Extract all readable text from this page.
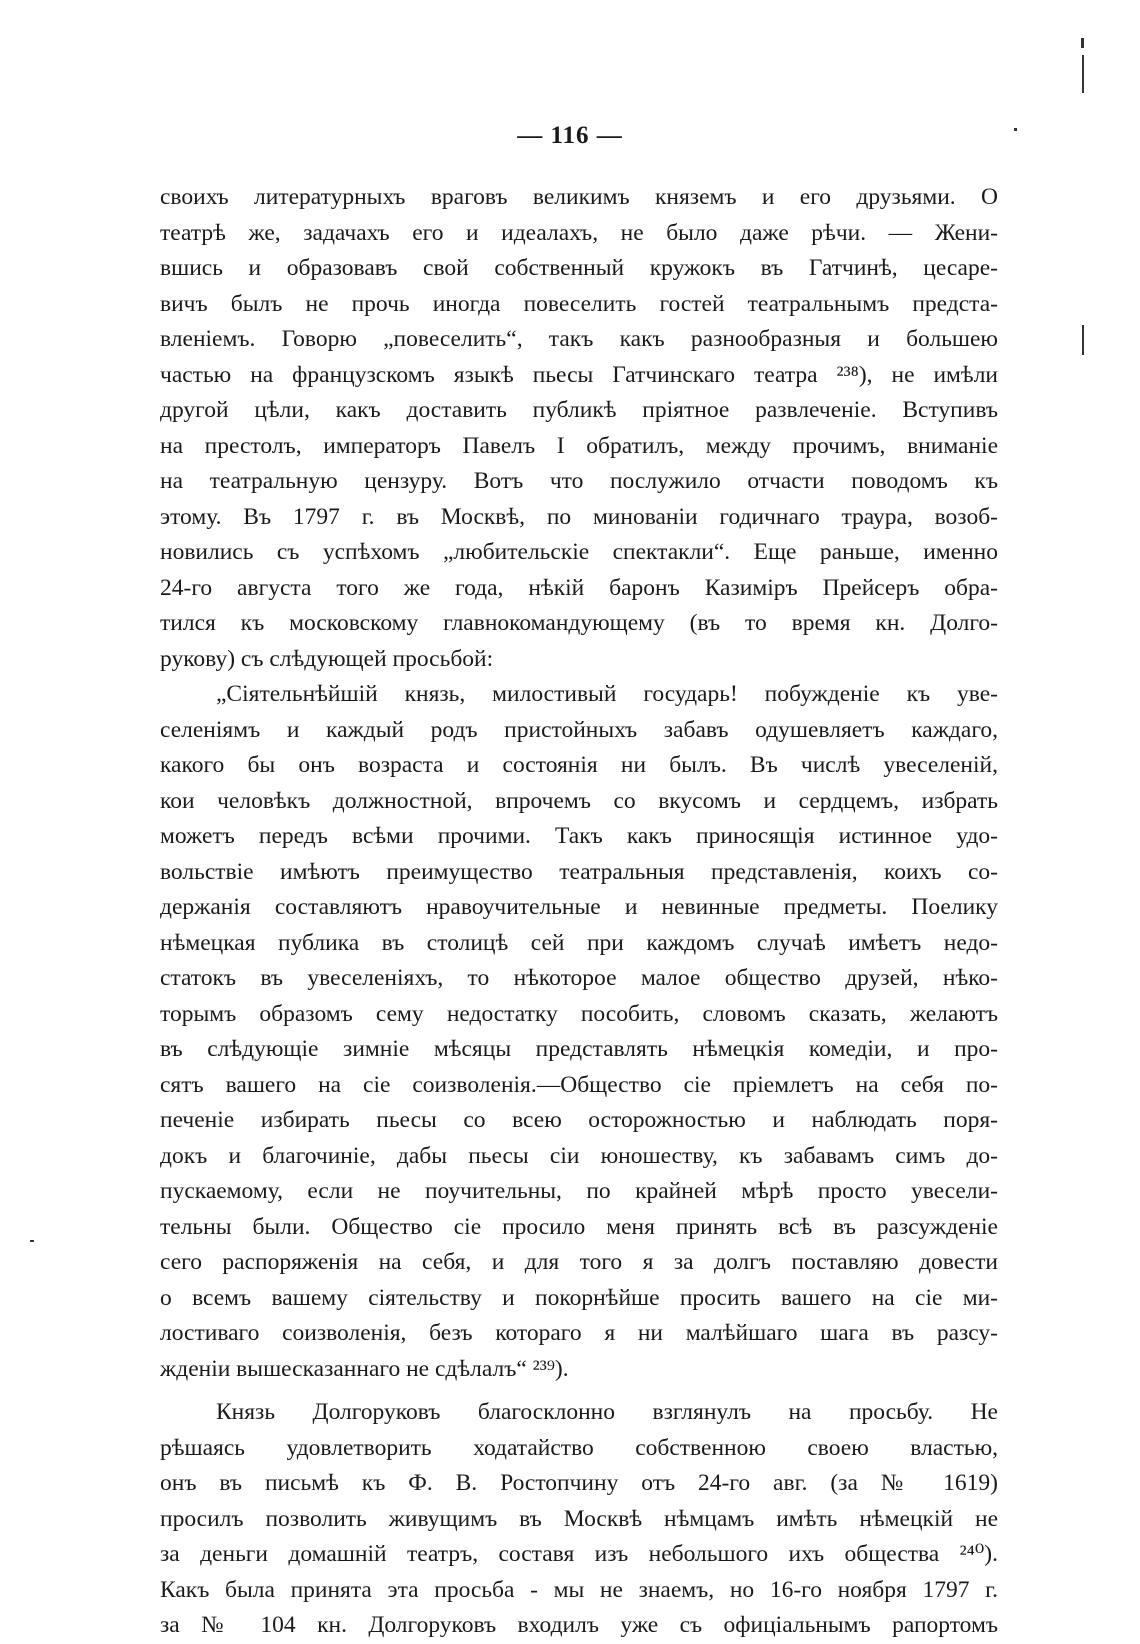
— 116 —
своихъ литературныхъ враговъ великимъ княземъ и его друзьями. О
театрѣ же, задачахъ его и идеалахъ, не было даже рѣчи. — Жени-
вшись и образовавъ свой собственный кружокъ въ Гатчинѣ, цесаре-
вичъ былъ не прочь иногда повеселить гостей театральнымъ предста-
вленіемъ. Говорю „повеселить“, такъ какъ разнообразныя и большею
частью на французскомъ языкѣ пьесы Гатчинскаго театра ²³⁸), не имѣли
другой цѣли, какъ доставить публикѣ пріятное развлеченіе. Вступивъ
на престолъ, императоръ Павелъ I обратилъ, между прочимъ, вниманіе
на театральную цензуру. Вотъ что послужило отчасти поводомъ къ
этому. Въ 1797 г. въ Москвѣ, по минованіи годичнаго траура, возоб-
новились съ успѣхомъ „любительскіе спектакли“. Еще раньше, именно
24-го августа того же года, нѣкій баронъ Казиміръ Прейсеръ обра-
тился къ московскому главнокомандующему (въ то время кн. Долго-
рукову) съ слѣдующей просьбой:
„Сіятельнѣйшій князь, милостивый государь! побужденіе къ уве-
селеніямъ и каждый родъ пристойныхъ забавъ одушевляетъ каждаго,
какого бы онъ возраста и состоянія ни былъ. Въ числѣ увеселеній,
кои человѣкъ должностной, впрочемъ со вкусомъ и сердцемъ, избрать
можетъ передъ всѣми прочими. Такъ какъ приносящія истинное удо-
вольствіе имѣютъ преимущество театральныя представленія, коихъ со-
держанія составляютъ нравоучительные и невинные предметы. Поелику
нѣмецкая публика въ столицѣ сей при каждомъ случаѣ имѣетъ недо-
статокъ въ увеселеніяхъ, то нѣкоторое малое общество друзей, нѣко-
торымъ образомъ сему недостатку пособить, словомъ сказать, желаютъ
въ слѣдующіе зимніе мѣсяцы представлять нѣмецкія комедіи, и про-
сятъ вашего на сіе соизволенія.—Общество сіе пріемлетъ на себя по-
печеніе избирать пьесы со всею осторожностью и наблюдать поря-
докъ и благочиніе, дабы пьесы сіи юношеству, къ забавамъ симъ до-
пускаемому, если не поучительны, по крайней мѣрѣ просто увесели-
тельны были. Общество сіе просило меня принять всѣ въ разсужденіе
сего распоряженія на себя, и для того я за долгъ поставляю довести
о всемъ вашему сіятельству и покорнѣйше просить вашего на сіе ми-
лостиваго соизволенія, безъ котораго я ни малѣйшаго шага въ разсу-
жденіи вышесказаннаго не сдѣлалъ“ ²³⁹).
Князь Долгоруковъ благосклонно взглянулъ на просьбу. Не
рѣшаясь удовлетворить ходатайство собственною своею властью,
онъ въ письмѣ къ Ф. В. Ростопчину отъ 24-го авг. (за № 1619)
просилъ позволить живущимъ въ Москвѣ нѣмцамъ имѣть нѣмецкій не
за деньги домашній театръ, составя изъ небольшого ихъ общества ²⁴⁰).
Какъ была принята эта просьба - мы не знаемъ, но 16-го ноября 1797 г.
за № 104 кн. Долгоруковъ входилъ уже съ офиціальнымъ рапортомъ
